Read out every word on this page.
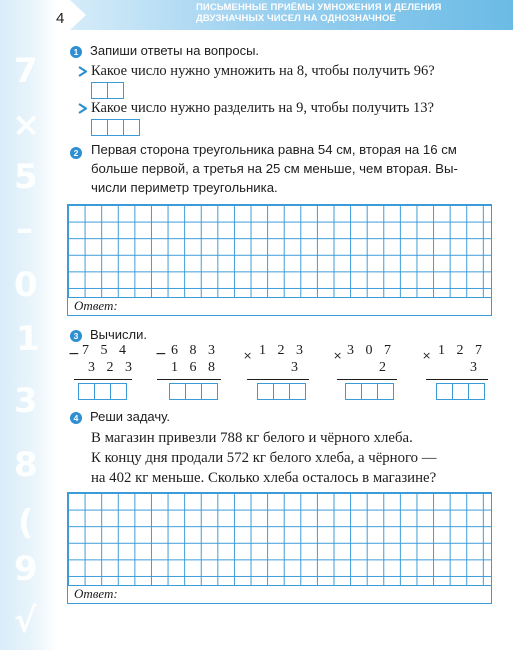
7
×
5
–
0
1
3
8
(
9
√
ПИСЬМЕННЫЕ ПРИЁМЫ УМНОЖЕНИЯ И ДЕЛЕНИЯ
ДВУЗНАЧНЫХ ЧИСЕЛ НА ОДНОЗНАЧНОЕ
4
1 Запиши ответы на вопросы.
Какое число нужно умножить на 8, чтобы получить 96?
Какое число нужно разделить на 9, чтобы получить 13?
2 Первая сторона треугольника равна 54 см, вторая на 16 см
больше первой, а третья на 25 см меньше, чем вторая. Вы-
числи периметр треугольника.
Ответ:
3 Вычисли.
− 7 5 4
3 2 3
− 6 8 3
1 6 8
× 1 2 3
3
× 3 0 7
2
× 1 2 7
3
4 Реши задачу.
В магазин привезли 788 кг белого и чёрного хлеба.
К концу дня продали 572 кг белого хлеба, а чёрного —
на 402 кг меньше. Сколько хлеба осталось в магазине?
Ответ:
